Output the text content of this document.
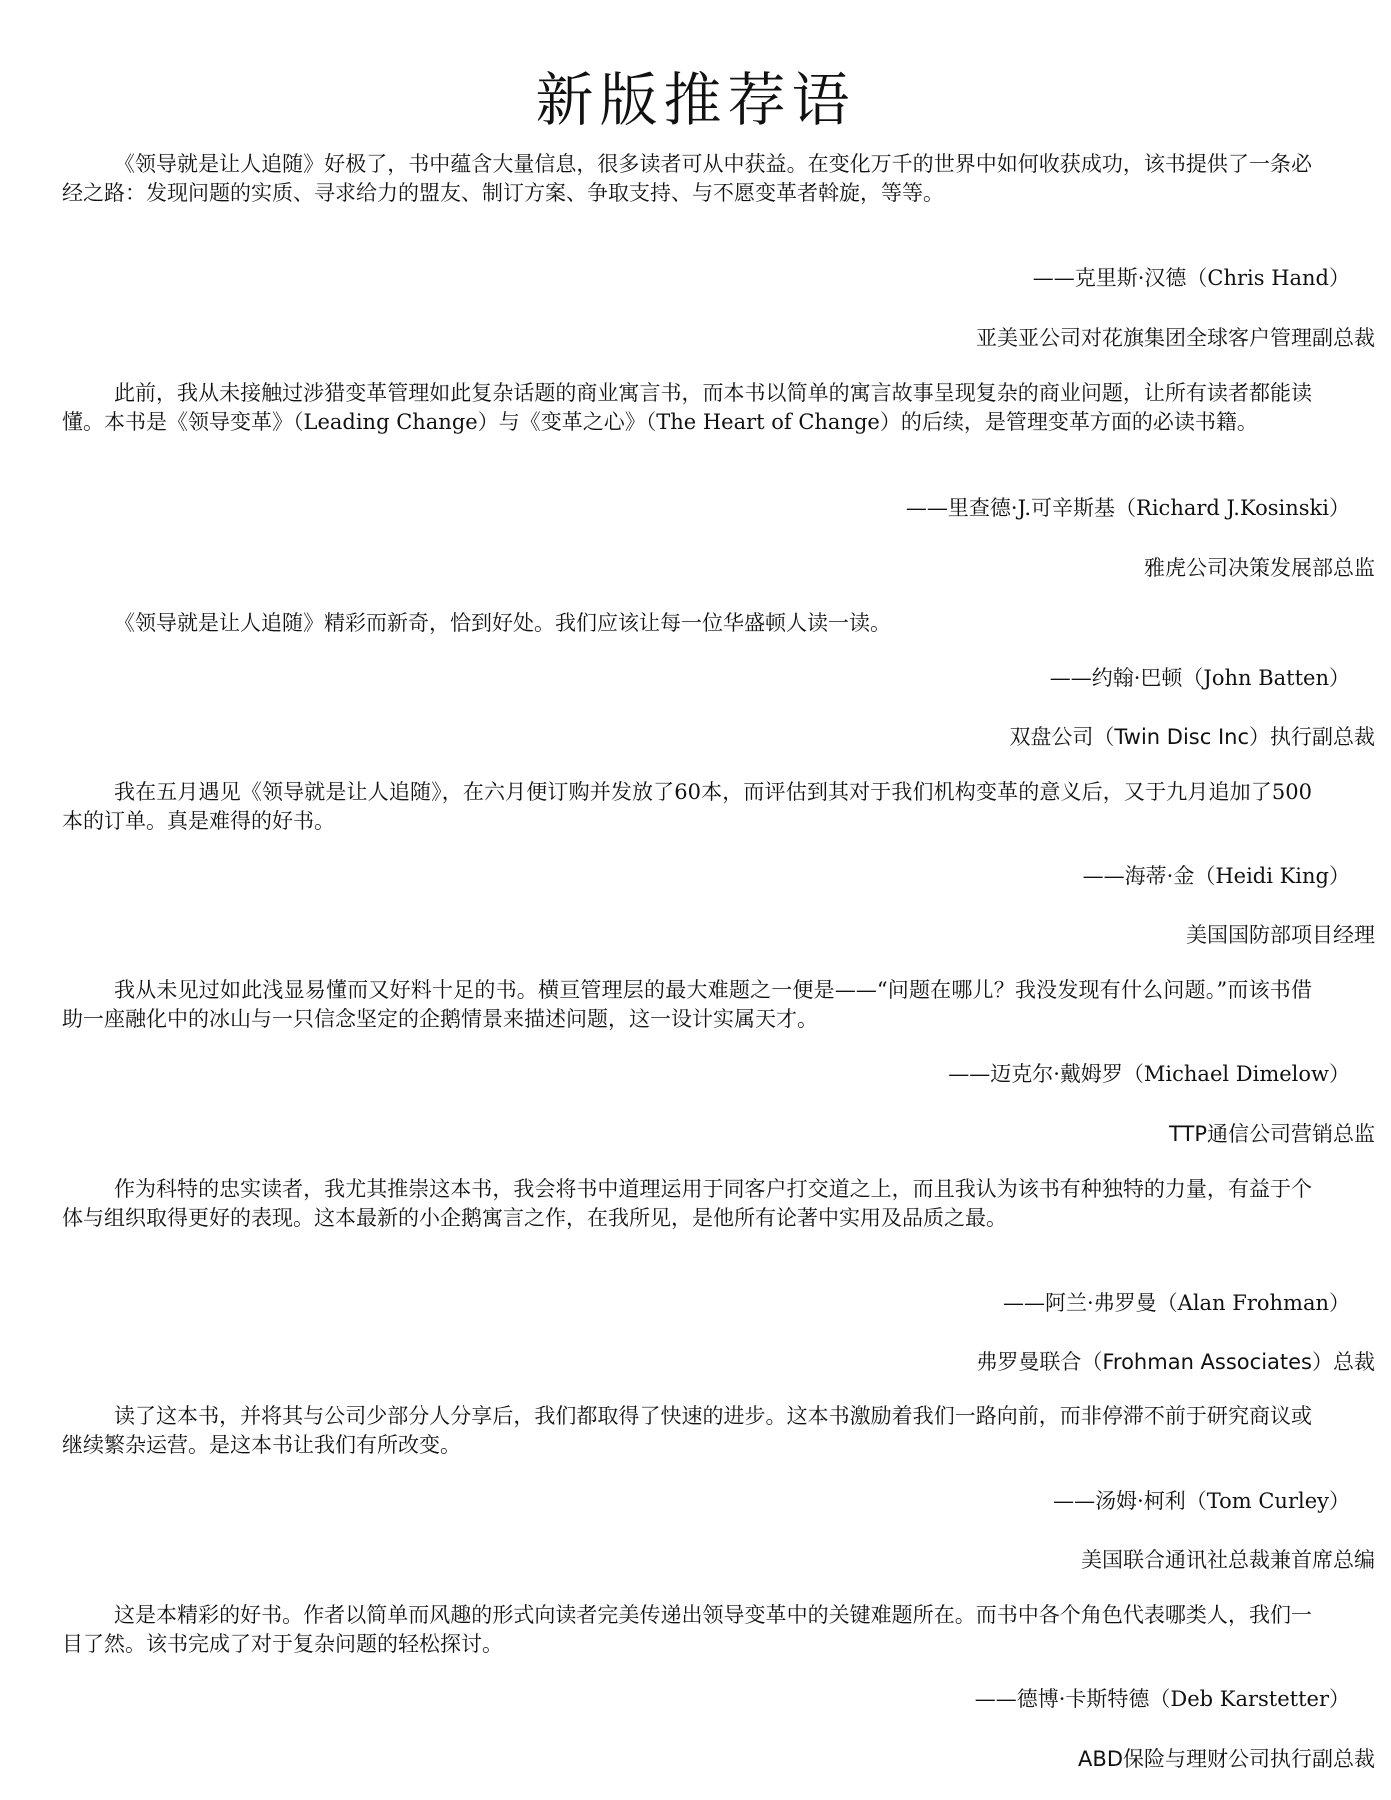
新版推荐语

《领导就是让人追随》好极了，书中蕴含大量信息，很多读者可从中获益。在变化万千的世界中如何收获成功，该书提供了一条必经之路：发现问题的实质、寻求给力的盟友、制订方案、争取支持、与不愿变革者斡旋，等等。

——克里斯·汉德（Chris Hand）
亚美亚公司对花旗集团全球客户管理副总裁

此前，我从未接触过涉猎变革管理如此复杂话题的商业寓言书，而本书以简单的寓言故事呈现复杂的商业问题，让所有读者都能读懂。本书是《领导变革》（Leading Change）与《变革之心》（The Heart of Change）的后续，是管理变革方面的必读书籍。

——里查德·J.可辛斯基（Richard J.Kosinski）
雅虎公司决策发展部总监

《领导就是让人追随》精彩而新奇，恰到好处。我们应该让每一位华盛顿人读一读。

——约翰·巴顿（John Batten）
双盘公司（Twin Disc Inc）执行副总裁

我在五月遇见《领导就是让人追随》，在六月便订购并发放了60本，而评估到其对于我们机构变革的意义后，又于九月追加了500本的订单。真是难得的好书。

——海蒂·金（Heidi King）
美国国防部项目经理

我从未见过如此浅显易懂而又好料十足的书。横亘管理层的最大难题之一便是——“问题在哪儿？我没发现有什么问题。”而该书借助一座融化中的冰山与一只信念坚定的企鹅情景来描述问题，这一设计实属天才。

——迈克尔·戴姆罗（Michael Dimelow）
TTP通信公司营销总监

作为科特的忠实读者，我尤其推崇这本书，我会将书中道理运用于同客户打交道之上，而且我认为该书有种独特的力量，有益于个体与组织取得更好的表现。这本最新的小企鹅寓言之作，在我所见，是他所有论著中实用及品质之最。

——阿兰·弗罗曼（Alan Frohman）
弗罗曼联合（Frohman Associates）总裁

读了这本书，并将其与公司少部分人分享后，我们都取得了快速的进步。这本书激励着我们一路向前，而非停滞不前于研究商议或继续繁杂运营。是这本书让我们有所改变。

——汤姆·柯利（Tom Curley）
美国联合通讯社总裁兼首席总编

这是本精彩的好书。作者以简单而风趣的形式向读者完美传递出领导变革中的关键难题所在。而书中各个角色代表哪类人，我们一目了然。该书完成了对于复杂问题的轻松探讨。

——德博·卡斯特德（Deb Karstetter）
ABD保险与理财公司执行副总裁
